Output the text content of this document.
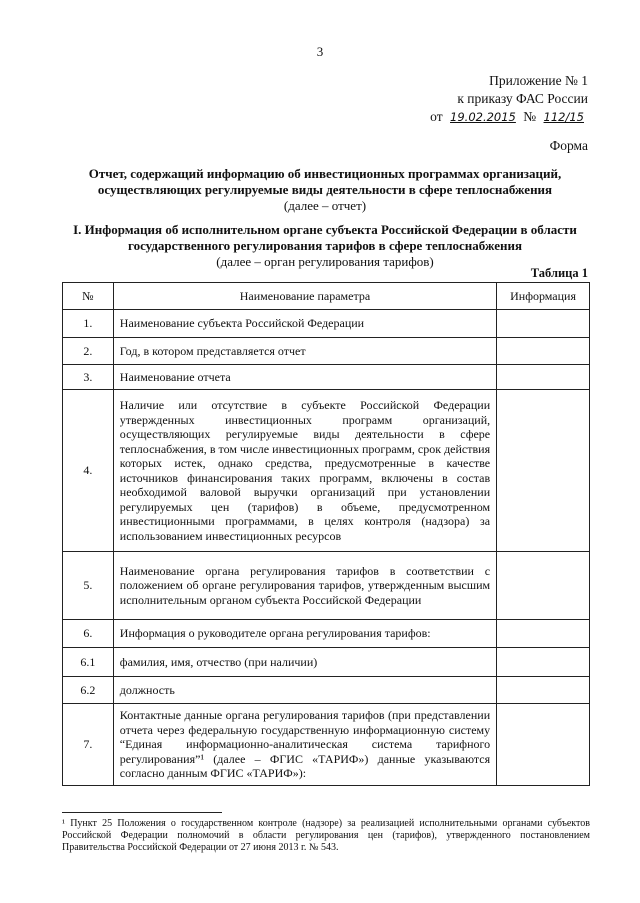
3
Приложение № 1
к приказу ФАС России
от 19.02.2015 № 112/15
Форма
Отчет, содержащий информацию об инвестиционных программах организаций, осуществляющих регулируемые виды деятельности в сфере теплоснабжения
(далее – отчет)
I. Информация об исполнительном органе субъекта Российской Федерации в области государственного регулирования тарифов в сфере теплоснабжения
(далее – орган регулирования тарифов)
Таблица 1
№	Наименование параметра	Информация
1.	Наименование субъекта Российской Федерации	
2.	Год, в котором представляется отчет	
3.	Наименование отчета	
4.	Наличие или отсутствие в субъекте Российской Федерации утвержденных инвестиционных программ организаций, осуществляющих регулируемые виды деятельности в сфере теплоснабжения, в том числе инвестиционных программ, срок действия которых истек, однако средства, предусмотренные в качестве источников финансирования таких программ, включены в состав необходимой валовой выручки организаций при установлении регулируемых цен (тарифов) в объеме, предусмотренном инвестиционными программами, в целях контроля (надзора) за использованием инвестиционных ресурсов	
5.	Наименование органа регулирования тарифов в соответствии с положением об органе регулирования тарифов, утвержденным высшим исполнительным органом субъекта Российской Федерации	
6.	Информация о руководителе органа регулирования тарифов:	
6.1	фамилия, имя, отчество (при наличии)	
6.2	должность	
7.	Контактные данные органа регулирования тарифов (при представлении отчета через федеральную государственную информационную систему “Единая информационно-аналитическая система тарифного регулирования”¹ (далее – ФГИС «ТАРИФ») данные указываются согласно данным ФГИС «ТАРИФ»):	
¹ Пункт 25 Положения о государственном контроле (надзоре) за реализацией исполнительными органами субъектов Российской Федерации полномочий в области регулирования цен (тарифов), утвержденного постановлением Правительства Российской Федерации от 27 июня 2013 г. № 543.
